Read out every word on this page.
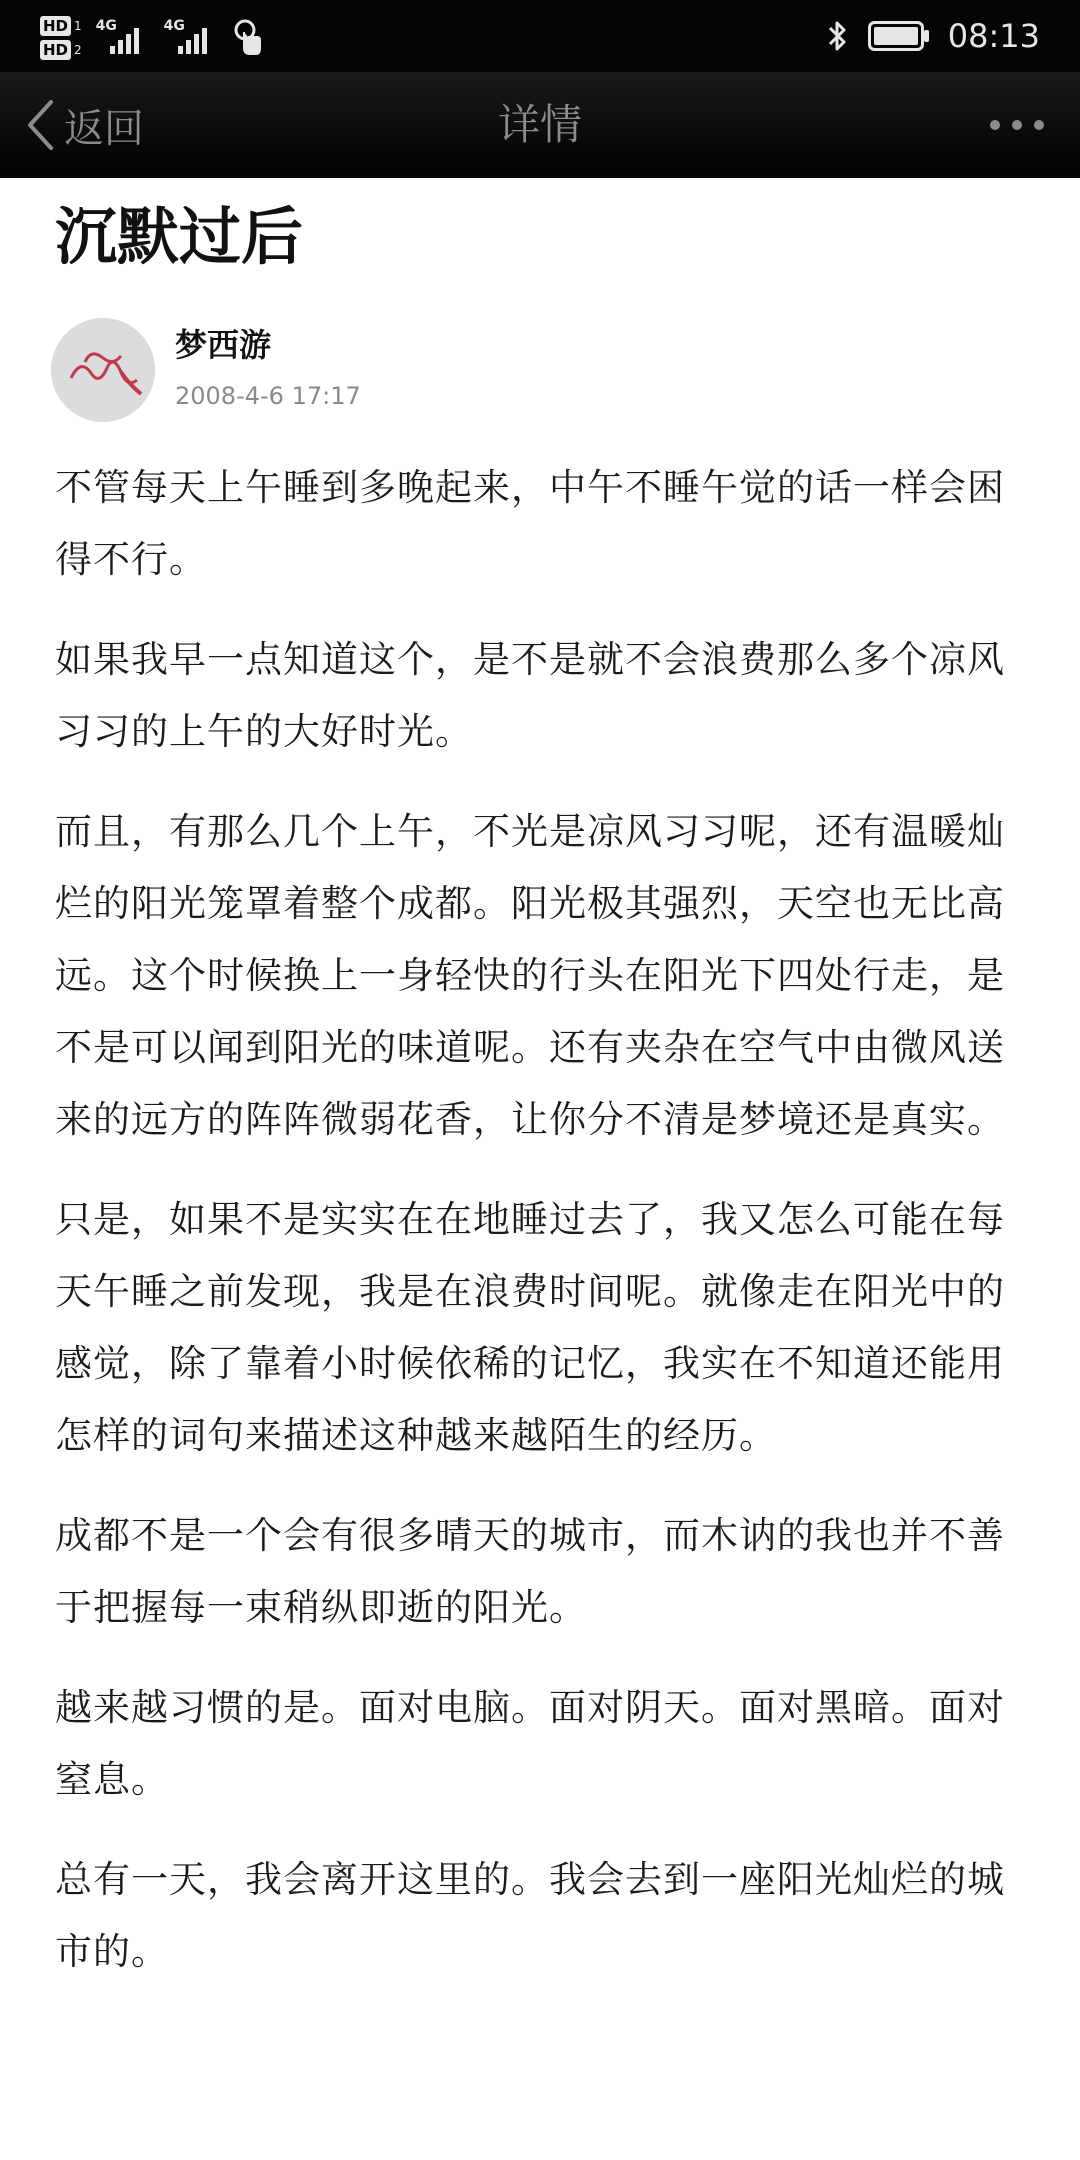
HD 1
HD 2
4G	4G	08:13
返回	详情
沉默过后
梦西游
2008-4-6 17:17

不管每天上午睡到多晚起来，中午不睡午觉的话一样会困得不行。

如果我早一点知道这个，是不是就不会浪费那么多个凉风习习的上午的大好时光。

而且，有那么几个上午，不光是凉风习习呢，还有温暖灿烂的阳光笼罩着整个成都。阳光极其强烈，天空也无比高远。这个时候换上一身轻快的行头在阳光下四处行走，是不是可以闻到阳光的味道呢。还有夹杂在空气中由微风送来的远方的阵阵微弱花香，让你分不清是梦境还是真实。

只是，如果不是实实在在地睡过去了，我又怎么可能在每天午睡之前发现，我是在浪费时间呢。就像走在阳光中的感觉，除了靠着小时候依稀的记忆，我实在不知道还能用怎样的词句来描述这种越来越陌生的经历。

成都不是一个会有很多晴天的城市，而木讷的我也并不善于把握每一束稍纵即逝的阳光。

越来越习惯的是。面对电脑。面对阴天。面对黑暗。面对窒息。

总有一天，我会离开这里的。我会去到一座阳光灿烂的城市的。
